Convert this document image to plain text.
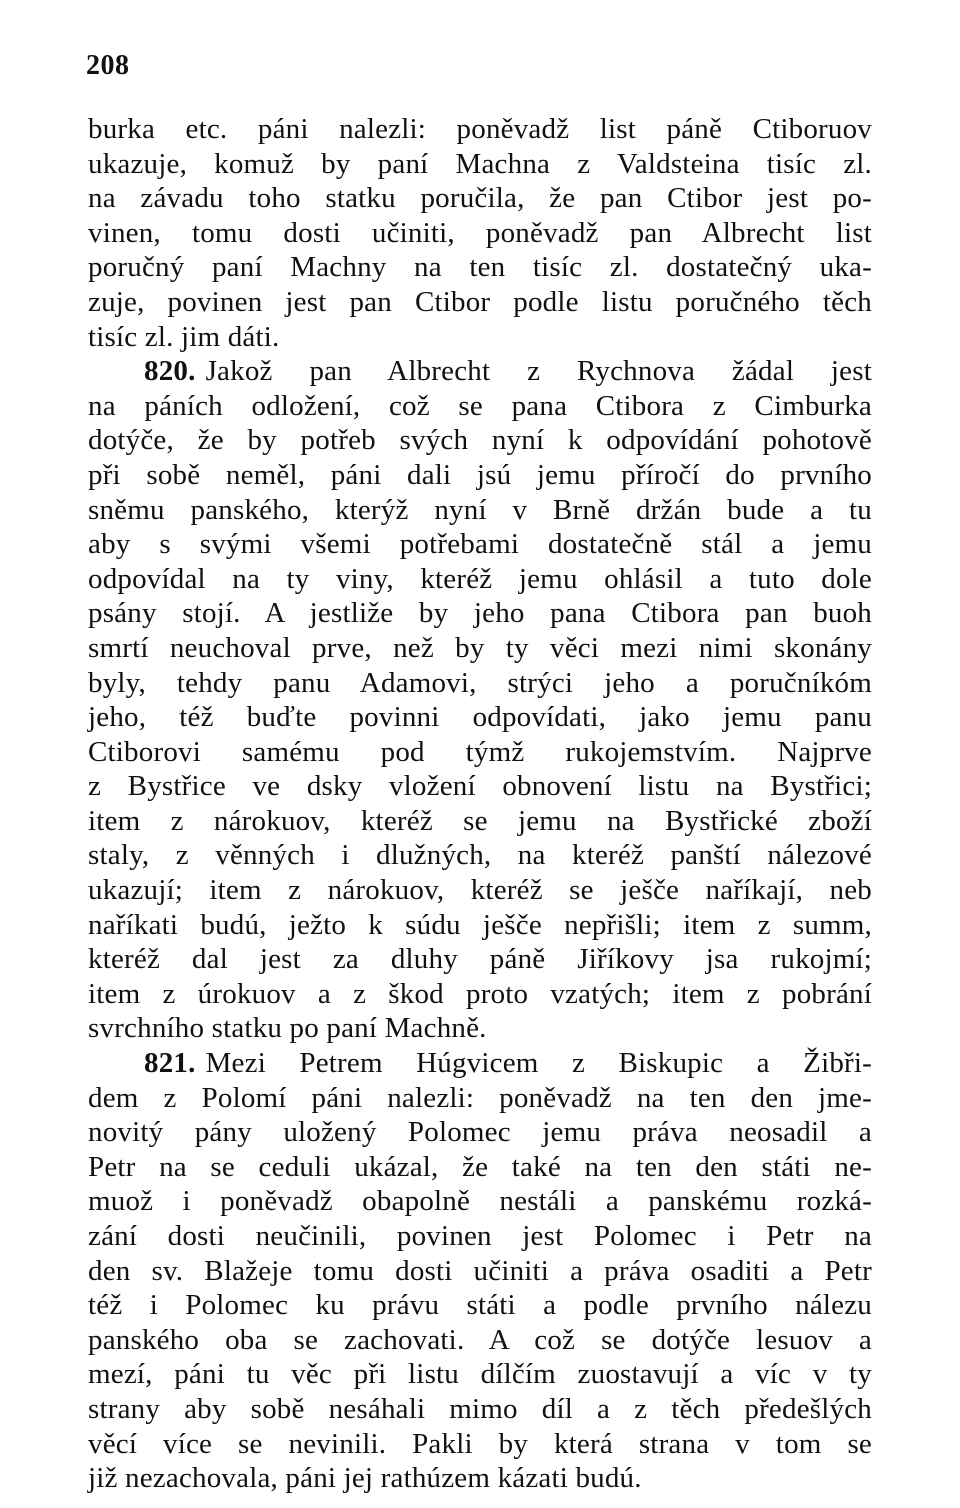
208
burka etc. páni nalezli: poněvadž list páně Ctiboruov
ukazuje, komuž by paní Machna z Valdsteina tisíc zl.
na závadu toho statku poručila, že pan Ctibor jest po-
vinen, tomu dosti učiniti, poněvadž pan Albrecht list
poručný paní Machny na ten tisíc zl. dostatečný uka-
zuje, povinen jest pan Ctibor podle listu poručného těch
tisíc zl. jim dáti.
820. Jakož pan Albrecht z Rychnova žádal jest
na páních odložení, což se pana Ctibora z Cimburka
dotýče, že by potřeb svých nyní k odpovídání pohotově
při sobě neměl, páni dali jsú jemu příročí do prvního
sněmu panského, kterýž nyní v Brně držán bude a tu
aby s svými všemi potřebami dostatečně stál a jemu
odpovídal na ty viny, kteréž jemu ohlásil a tuto dole
psány stojí. A jestliže by jeho pana Ctibora pan buoh
smrtí neuchoval prve, než by ty věci mezi nimi skonány
byly, tehdy panu Adamovi, strýci jeho a poručníkóm
jeho, též buďte povinni odpovídati, jako jemu panu
Ctiborovi samému pod týmž rukojemstvím. Najprve
z Bystřice ve dsky vložení obnovení listu na Bystřici;
item z nárokuov, kteréž se jemu na Bystřické zboží
staly, z věnných i dlužných, na kteréž panští nálezové
ukazují; item z nárokuov, kteréž se ješče naříkají, neb
naříkati budú, ježto k súdu ješče nepřišli; item z summ,
kteréž dal jest za dluhy páně Jiříkovy jsa rukojmí;
item z úrokuov a z škod proto vzatých; item z pobrání
svrchního statku po paní Machně.
821. Mezi Petrem Húgvicem z Biskupic a Žibři-
dem z Polomí páni nalezli: poněvadž na ten den jme-
novitý pány uložený Polomec jemu práva neosadil a
Petr na se ceduli ukázal, že také na ten den státi ne-
muož i poněvadž obapolně nestáli a panskému rozká-
zání dosti neučinili, povinen jest Polomec i Petr na
den sv. Blažeje tomu dosti učiniti a práva osaditi a Petr
též i Polomec ku právu státi a podle prvního nálezu
panského oba se zachovati. A což se dotýče lesuov a
mezí, páni tu věc při listu dílčím zuostavují a víc v ty
strany aby sobě nesáhali mimo díl a z těch předešlých
věcí více se nevinili. Pakli by která strana v tom se
již nezachovala, páni jej rathúzem kázati budú.
